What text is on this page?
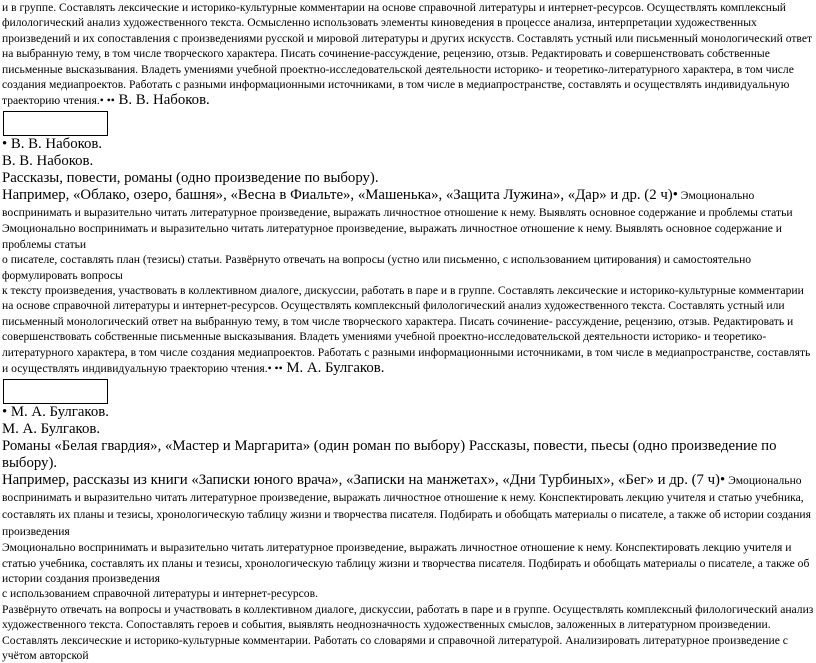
и в группе. Составлять лексические и историко-культурные комментарии на основе справочной литературы и интернет-ресурсов. Осуществлять комплексный филологический анализ художественного текста. Осмысленно использовать элементы киноведения в процессе анализа, интерпретации художественных произведений и их сопоставления с произведениями русской и мировой литературы и других искусств. Составлять устный или письменный монологический ответ на выбранную тему, в том числе творческого характера. Писать сочинение-рассуждение, рецензию, отзыв. Редактировать и совершенствовать собственные письменные высказывания. Владеть умениями учебной проектно-исследовательской деятельности историко- и теоретико-литературного характера, в том числе создания медиапроектов. Работать с разными информационными источниками, в том числе в медиапространстве, составлять и осуществлять индивидуальную траекторию чтения.• •• В. В. Набоков.

• В. В. Набоков.

В. В. Набоков.

Рассказы, повести, романы (одно произведение по выбору).

Например, «Облако, озеро, башня», «Весна в Фиальте», «Машенька», «Защита Лужина», «Дар» и др. (2 ч)• Эмоционально воспринимать и выразительно читать литературное произведение, выражать личностное отношение к нему. Выявлять основное содержание и проблемы статьи

Эмоционально воспринимать и выразительно читать литературное произведение, выражать личностное отношение к нему. Выявлять основное содержание и проблемы статьи

о писателе, составлять план (тезисы) статьи. Развёрнуто отвечать на вопросы (устно или письменно, с использованием цитирования) и самостоятельно формулировать вопросы

к тексту произведения, участвовать в коллективном диалоге, дискуссии, работать в паре и в группе. Составлять лексические и историко-культурные комментарии на основе справочной литературы и интернет-ресурсов. Осуществлять комплексный филологический анализ художественного текста. Составлять устный или письменный монологический ответ на выбранную тему, в том числе творческого характера. Писать сочинение- рассуждение, рецензию, отзыв. Редактировать и совершенствовать собственные письменные высказывания. Владеть умениями учебной проектно-исследовательской деятельности историко- и теоретико-литературного характера, в том числе создания медиапроектов. Работать с разными информационными источниками, в том числе в медиапространстве, составлять и осуществлять индивидуальную траекторию чтения.• •• М. А. Булгаков.

• М. А. Булгаков.

М. А. Булгаков.

Романы «Белая гвардия», «Мастер и Маргарита» (один роман по выбору) Рассказы, повести, пьесы (одно произведение по выбору).

Например, рассказы из книги «Записки юного врача», «Записки на манжетах», «Дни Турбиных», «Бег» и др. (7 ч)• Эмоционально воспринимать и выразительно читать литературное произведение, выражать личностное отношение к нему. Конспектировать лекцию учителя и статью учебника, составлять их планы и тезисы, хронологическую таблицу жизни и творчества писателя. Подбирать и обобщать материалы о писателе, а также об истории создания произведения

Эмоционально воспринимать и выразительно читать литературное произведение, выражать личностное отношение к нему. Конспектировать лекцию учителя и статью учебника, составлять их планы и тезисы, хронологическую таблицу жизни и творчества писателя. Подбирать и обобщать материалы о писателе, а также об истории создания произведения

с использованием справочной литературы и интернет-ресурсов.

Развёрнуто отвечать на вопросы и участвовать в коллективном диалоге, дискуссии, работать в паре и в группе. Осуществлять комплексный филологический анализ художественного текста. Сопоставлять героев и события, выявлять неоднозначность художественных смыслов, заложенных в литературном произведении. Составлять лексические и историко-культурные комментарии. Работать со словарями и справочной литературой. Анализировать литературное произведение с учётом авторской
